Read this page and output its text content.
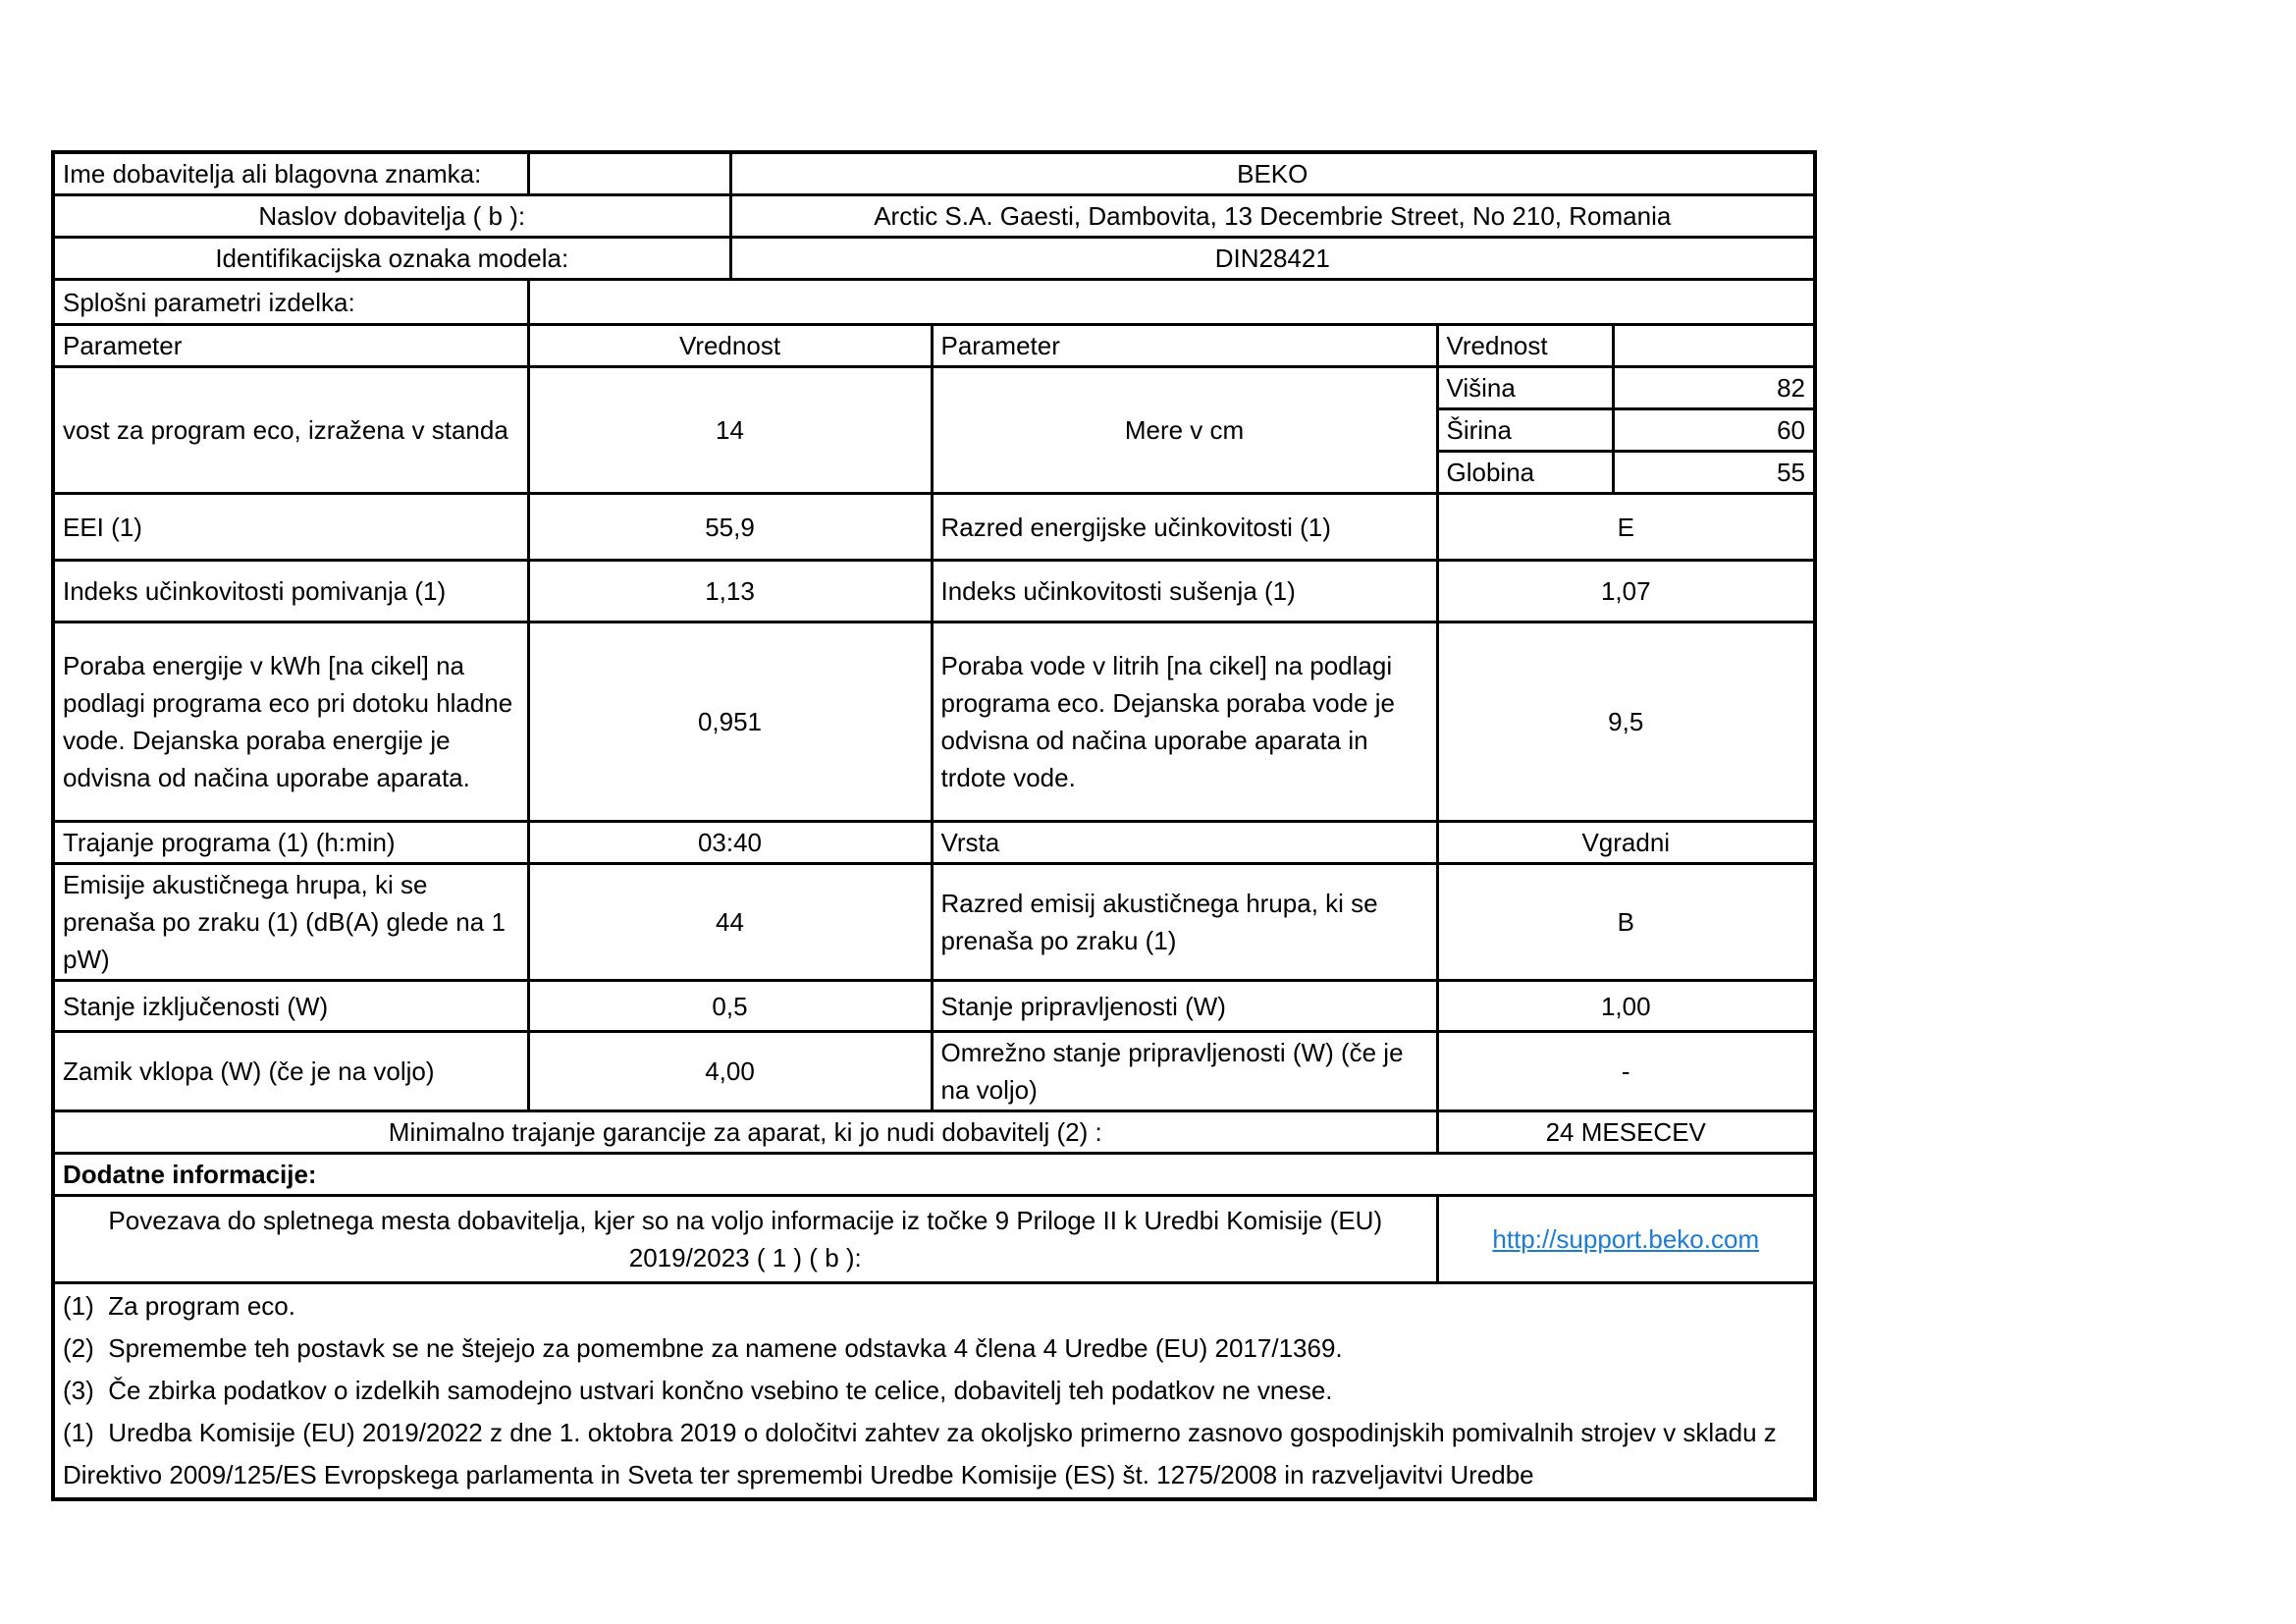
Ime dobavitelja ali blagovna znamka:		BEKO			
Naslov dobavitelja ( b ):		Arctic S.A. Gaesti, Dambovita, 13 Decembrie Street, No 210, Romania			
Identifikacijska oznaka modela:		DIN28421			
Splošni parametri izdelka:					
Parameter	Vrednost		Parameter	Vrednost	
vost za program eco, izražena v standa	14		Mere v cm	Višina	82
				Širina	60
				Globina	55
EEI (1)	55,9		Razred energijske učinkovitosti (1)	E	
Indeks učinkovitosti pomivanja (1)	1,13		Indeks učinkovitosti sušenja (1)	1,07	
Poraba energije v kWh [na cikel] na podlagi programa eco pri dotoku hladne vode. Dejanska poraba energije je odvisna od načina uporabe aparata.	0,951		Poraba vode v litrih [na cikel] na podlagi programa eco. Dejanska poraba vode je odvisna od načina uporabe aparata in trdote vode.	9,5	
Trajanje programa (1) (h:min)	03:40		Vrsta	Vgradni	
Emisije akustičnega hrupa, ki se prenaša po zraku (1) (dB(A) glede na 1 pW)	44		Razred emisij akustičnega hrupa, ki se prenaša po zraku (1)	B	
Stanje izključenosti (W)	0,5		Stanje pripravljenosti (W)	1,00	
Zamik vklopa (W) (če je na voljo)	4,00		Omrežno stanje pripravljenosti (W) (če je na voljo)	-	
Minimalno trajanje garancije za aparat, ki jo nudi dobavitelj (2) :				24 MESECEV	
Dodatne informacije:					

Povezava do spletnega mesta dobavitelja, kjer so na voljo informacije iz točke 9 Priloge II k Uredbi Komisije (EU)
2019/2023 ( 1 ) ( b ):				http://support.beko.com	

(1)  Za program eco.
(2)  Spremembe teh postavk se ne štejejo za pomembne za namene odstavka 4 člena 4 Uredbe (EU) 2017/1369.
(3)  Če zbirka podatkov o izdelkih samodejno ustvari končno vsebino te celice, dobavitelj teh podatkov ne vnese.
(1)  Uredba Komisije (EU) 2019/2022 z dne 1. oktobra 2019 o določitvi zahtev za okoljsko primerno zasnovo gospodinjskih pomivalnih strojev v skladu z Direktivo 2009/125/ES Evropskega parlamenta in Sveta ter spremembi Uredbe Komisije (ES) št. 1275/2008 in razveljavitvi Uredbe					
